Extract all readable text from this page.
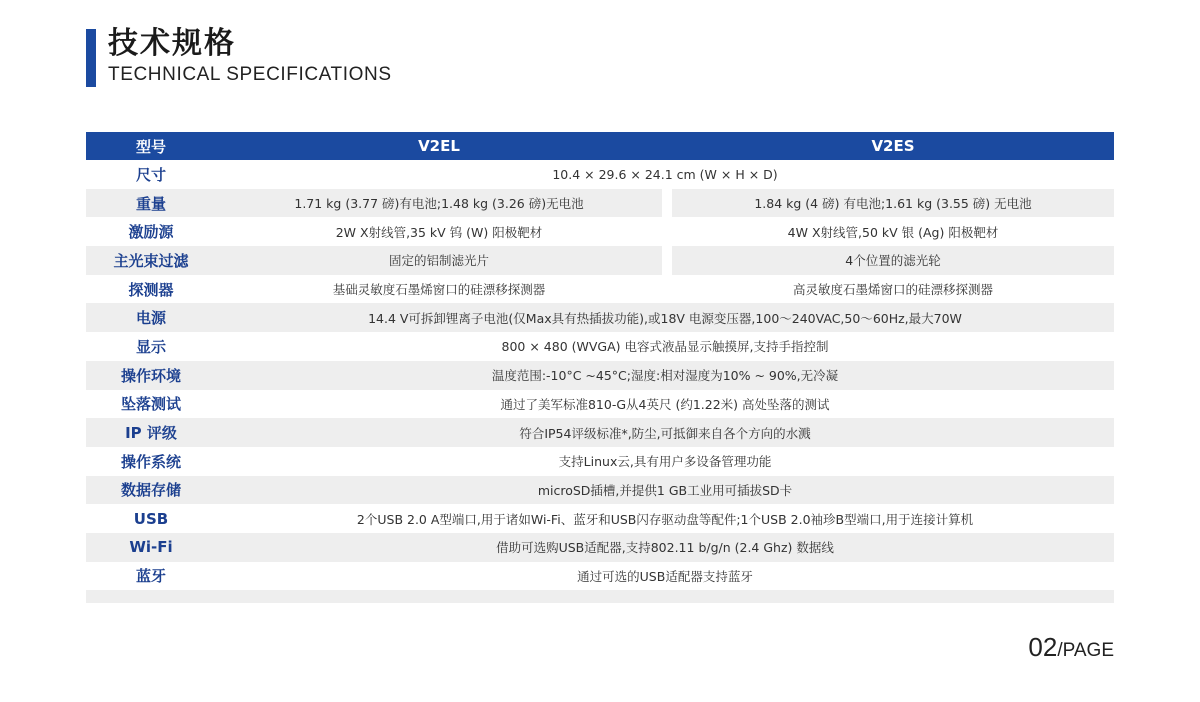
技术规格
TECHNICAL SPECIFICATIONS
型号	V2EL	V2ES
尺寸	10.4 × 29.6 × 24.1 cm (W × H × D)
重量	1.71 kg (3.77 磅)有电池;1.48 kg (3.26 磅)无电池	1.84 kg (4 磅) 有电池;1.61 kg (3.55 磅) 无电池
激励源	2W X射线管,35 kV 钨 (W) 阳极靶材	4W X射线管,50 kV 银 (Ag) 阳极靶材
主光束过滤	固定的铝制滤光片	4个位置的滤光轮
探测器	基础灵敏度石墨烯窗口的硅漂移探测器	高灵敏度石墨烯窗口的硅漂移探测器
电源	14.4 V可拆卸锂离子电池(仅Max具有热插拔功能),或18V 电源变压器,100～240VAC,50～60Hz,最大70W
显示	800 × 480 (WVGA) 电容式液晶显示触摸屏,支持手指控制
操作环境	温度范围:-10°C ~45°C;湿度:相对湿度为10% ~ 90%,无冷凝
坠落测试	通过了美军标准810-G从4英尺 (约1.22米) 高处坠落的测试
IP 评级	符合IP54评级标准*,防尘,可抵御来自各个方向的水溅
操作系统	支持Linux云,具有用户多设备管理功能
数据存储	microSD插槽,并提供1 GB工业用可插拔SD卡
USB	2个USB 2.0 A型端口,用于诸如Wi-Fi、蓝牙和USB闪存驱动盘等配件;1个USB 2.0袖珍B型端口,用于连接计算机
Wi-Fi	借助可选购USB适配器,支持802.11 b/g/n (2.4 Ghz) 数据线
蓝牙	通过可选的USB适配器支持蓝牙
02/PAGE
